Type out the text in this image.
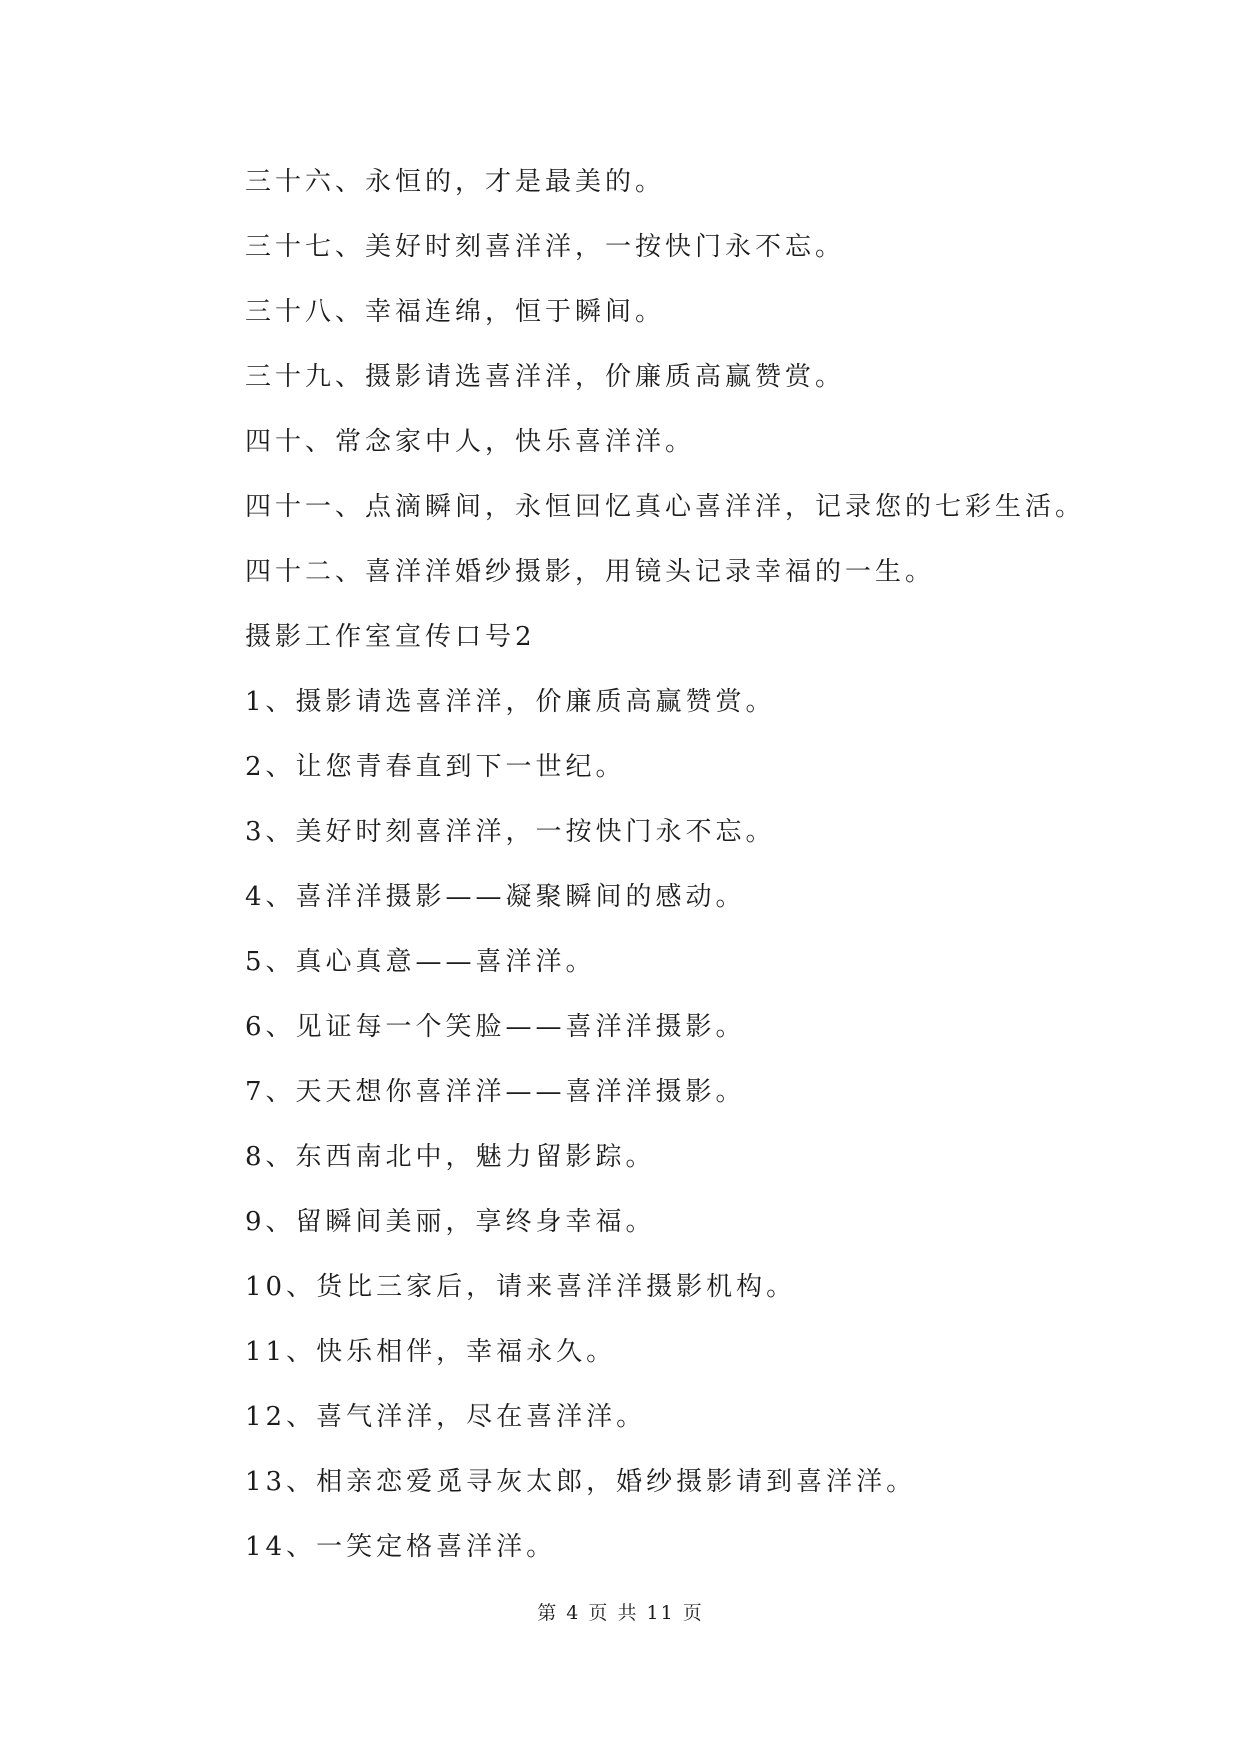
三十六、永恒的，才是最美的。
三十七、美好时刻喜洋洋，一按快门永不忘。
三十八、幸福连绵，恒于瞬间。
三十九、摄影请选喜洋洋，价廉质高赢赞赏。
四十、常念家中人，快乐喜洋洋。
四十一、点滴瞬间，永恒回忆真心喜洋洋，记录您的七彩生活。
四十二、喜洋洋婚纱摄影，用镜头记录幸福的一生。
摄影工作室宣传口号2
1、摄影请选喜洋洋，价廉质高赢赞赏。
2、让您青春直到下一世纪。
3、美好时刻喜洋洋，一按快门永不忘。
4、喜洋洋摄影——凝聚瞬间的感动。
5、真心真意——喜洋洋。
6、见证每一个笑脸——喜洋洋摄影。
7、天天想你喜洋洋——喜洋洋摄影。
8、东西南北中，魅力留影踪。
9、留瞬间美丽，享终身幸福。
10、货比三家后，请来喜洋洋摄影机构。
11、快乐相伴，幸福永久。
12、喜气洋洋，尽在喜洋洋。
13、相亲恋爱觅寻灰太郎，婚纱摄影请到喜洋洋。
14、一笑定格喜洋洋。
第 4 页 共 11 页
